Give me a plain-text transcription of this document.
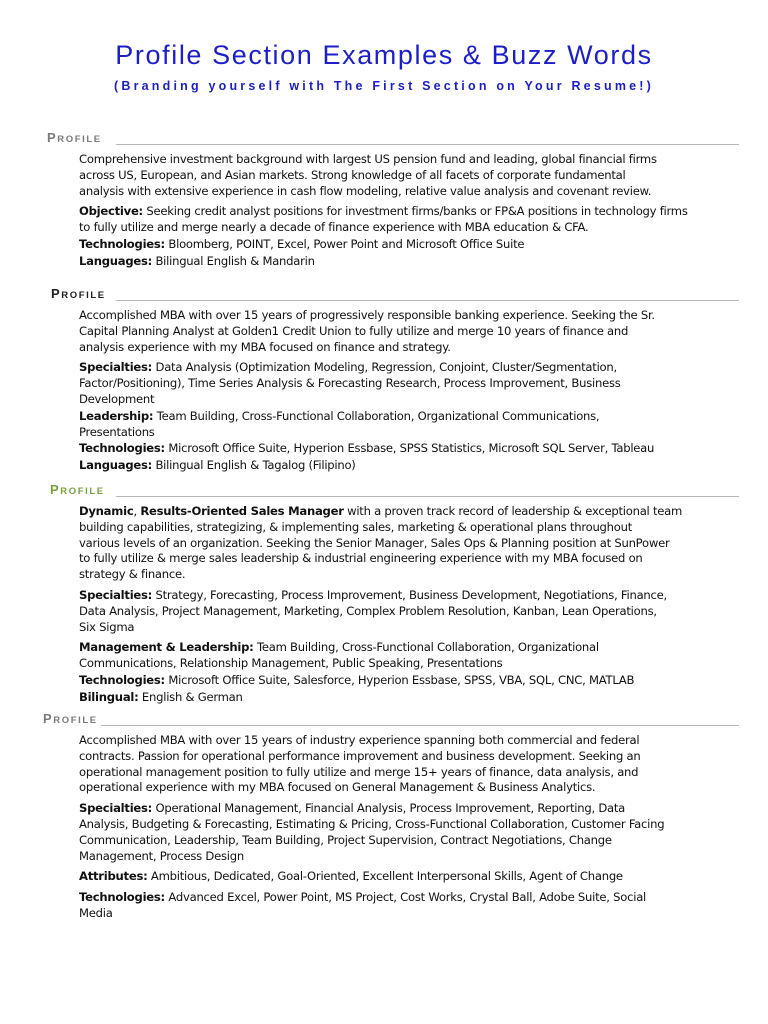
Profile Section Examples & Buzz Words

(Branding yourself with The First Section on Your Resume!)

PROFILE

Comprehensive investment background with largest US pension fund and leading, global financial firms

across US, European, and Asian markets. Strong knowledge of all facets of corporate fundamental

analysis with extensive experience in cash flow modeling, relative value analysis and covenant review.

Objective: Seeking credit analyst positions for investment firms/banks or FP&A positions in technology firms

to fully utilize and merge nearly a decade of finance experience with MBA education & CFA.

Technologies: Bloomberg, POINT, Excel, Power Point and Microsoft Office Suite

Languages: Bilingual English & Mandarin

PROFILE

Accomplished MBA with over 15 years of progressively responsible banking experience. Seeking the Sr.

Capital Planning Analyst at Golden1 Credit Union to fully utilize and merge 10 years of finance and

analysis experience with my MBA focused on finance and strategy.

Specialties: Data Analysis (Optimization Modeling, Regression, Conjoint, Cluster/Segmentation,

Factor/Positioning), Time Series Analysis & Forecasting Research, Process Improvement, Business

Development

Leadership: Team Building, Cross-Functional Collaboration, Organizational Communications,

Presentations

Technologies: Microsoft Office Suite, Hyperion Essbase, SPSS Statistics, Microsoft SQL Server, Tableau

Languages: Bilingual English & Tagalog (Filipino)

PROFILE

Dynamic, Results-Oriented Sales Manager with a proven track record of leadership & exceptional team

building capabilities, strategizing, & implementing sales, marketing & operational plans throughout

various levels of an organization. Seeking the Senior Manager, Sales Ops & Planning position at SunPower

to fully utilize & merge sales leadership & industrial engineering experience with my MBA focused on

strategy & finance.

Specialties: Strategy, Forecasting, Process Improvement, Business Development, Negotiations, Finance,

Data Analysis, Project Management, Marketing, Complex Problem Resolution, Kanban, Lean Operations,

Six Sigma

Management & Leadership: Team Building, Cross-Functional Collaboration, Organizational

Communications, Relationship Management, Public Speaking, Presentations

Technologies: Microsoft Office Suite, Salesforce, Hyperion Essbase, SPSS, VBA, SQL, CNC, MATLAB

Bilingual: English & German

PROFILE

Accomplished MBA with over 15 years of industry experience spanning both commercial and federal

contracts. Passion for operational performance improvement and business development. Seeking an

operational management position to fully utilize and merge 15+ years of finance, data analysis, and

operational experience with my MBA focused on General Management & Business Analytics.

Specialties: Operational Management, Financial Analysis, Process Improvement, Reporting, Data

Analysis, Budgeting & Forecasting, Estimating & Pricing, Cross-Functional Collaboration, Customer Facing

Communication, Leadership, Team Building, Project Supervision, Contract Negotiations, Change

Management, Process Design

Attributes: Ambitious, Dedicated, Goal-Oriented, Excellent Interpersonal Skills, Agent of Change

Technologies: Advanced Excel, Power Point, MS Project, Cost Works, Crystal Ball, Adobe Suite, Social

Media
